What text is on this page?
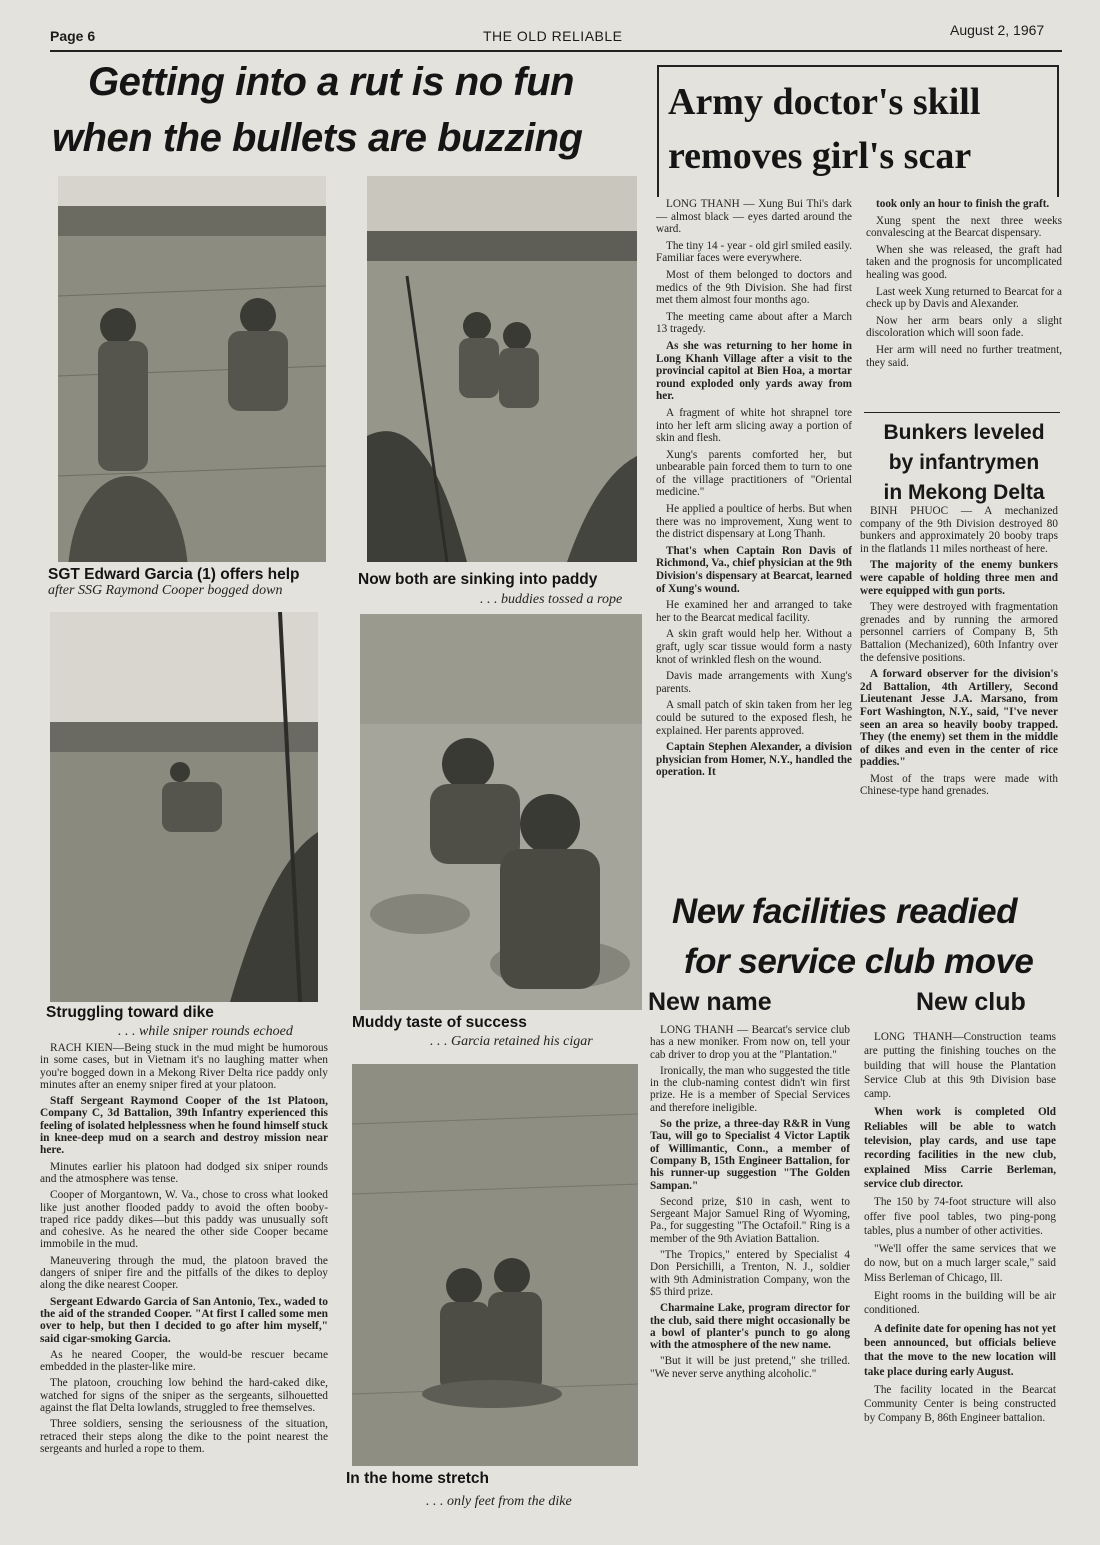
Page 6	THE OLD RELIABLE	August 2, 1967
Getting into a rut is no fun
when the bullets are buzzing
SGT Edward Garcia (1) offers help
after SSG Raymond Cooper bogged down
Now both are sinking into paddy
. . . buddies tossed a rope
Struggling toward dike
. . . while sniper rounds echoed
Muddy taste of success
. . . Garcia retained his cigar
In the home stretch
. . . only feet from the dike

RACH KIEN—Being stuck in the mud might be humorous in some cases, but in Vietnam it's no laughing matter when you're bogged down in a Mekong River Delta rice paddy only minutes after an enemy sniper fired at your platoon.

Staff Sergeant Raymond Cooper of the 1st Platoon, Company C, 3d Battalion, 39th Infantry experienced this feeling of isolated helplessness when he found himself stuck in knee-deep mud on a search and destroy mission near here.

Minutes earlier his platoon had dodged six sniper rounds and the atmosphere was tense.

Cooper of Morgantown, W. Va., chose to cross what looked like just another flooded paddy to avoid the often booby-traped rice paddy dikes—but this paddy was unusually soft and cohesive. As he neared the other side Cooper became immobile in the mud.

Maneuvering through the mud, the platoon braved the dangers of sniper fire and the pitfalls of the dikes to deploy along the dike nearest Cooper.

Sergeant Edwardo Garcia of San Antonio, Tex., waded to the aid of the stranded Cooper. "At first I called some men over to help, but then I decided to go after him myself," said cigar-smoking Garcia.

As he neared Cooper, the would-be rescuer became embedded in the plaster-like mire.

The platoon, crouching low behind the hard-caked dike, watched for signs of the sniper as the sergeants, silhouetted against the flat Delta lowlands, struggled to free themselves.

Three soldiers, sensing the seriousness of the situation, retraced their steps along the dike to the point nearest the sergeants and hurled a rope to them.

Army doctor's skill
removes girl's scar

LONG THANH — Xung Bui Thi's dark — almost black — eyes darted around the ward.

The tiny 14 - year - old girl smiled easily. Familiar faces were everywhere.

Most of them belonged to doctors and medics of the 9th Division. She had first met them almost four months ago.

The meeting came about after a March 13 tragedy.

As she was returning to her home in Long Khanh Village after a visit to the provincial capitol at Bien Hoa, a mortar round exploded only yards away from her.

A fragment of white hot shrapnel tore into her left arm slicing away a portion of skin and flesh.

Xung's parents comforted her, but unbearable pain forced them to turn to one of the village practitioners of "Oriental medicine."

He applied a poultice of herbs. But when there was no improvement, Xung went to the district dispensary at Long Thanh.

That's when Captain Ron Davis of Richmond, Va., chief physician at the 9th Division's dispensary at Bearcat, learned of Xung's wound.

He examined her and arranged to take her to the Bearcat medical facility.

A skin graft would help her. Without a graft, ugly scar tissue would form a nasty knot of wrinkled flesh on the wound.

Davis made arrangements with Xung's parents.

A small patch of skin taken from her leg could be sutured to the exposed flesh, he explained. Her parents approved.

Captain Stephen Alexander, a division physician from Homer, N.Y., handled the operation. It

took only an hour to finish the graft.

Xung spent the next three weeks convalescing at the Bearcat dispensary.

When she was released, the graft had taken and the prognosis for uncomplicated healing was good.

Last week Xung returned to Bearcat for a check up by Davis and Alexander.

Now her arm bears only a slight discoloration which will soon fade.

Her arm will need no further treatment, they said.

Bunkers leveled
by infantrymen
in Mekong Delta

BINH PHUOC — A mechanized company of the 9th Division destroyed 80 bunkers and approximately 20 booby traps in the flatlands 11 miles northeast of here.

The majority of the enemy bunkers were capable of holding three men and were equipped with gun ports.

They were destroyed with fragmentation grenades and by running the armored personnel carriers of Company B, 5th Battalion (Mechanized), 60th Infantry over the defensive positions.

A forward observer for the division's 2d Battalion, 4th Artillery, Second Lieutenant Jesse J.A. Marsano, from Fort Washington, N.Y., said, "I've never seen an area so heavily booby trapped. They (the enemy) set them in the middle of dikes and even in the center of rice paddies."

Most of the traps were made with Chinese-type hand grenades.

New facilities readied
for service club move
New name	New club

LONG THANH — Bearcat's service club has a new moniker. From now on, tell your cab driver to drop you at the "Plantation."

Ironically, the man who suggested the title in the club-naming contest didn't win first prize. He is a member of Special Services and therefore ineligible.

So the prize, a three-day R&R in Vung Tau, will go to Specialist 4 Victor Laptik of Willimantic, Conn., a member of Company B, 15th Engineer Battalion, for his runner-up suggestion "The Golden Sampan."

Second prize, $10 in cash, went to Sergeant Major Samuel Ring of Wyoming, Pa., for suggesting "The Octafoil." Ring is a member of the 9th Aviation Battalion.

"The Tropics," entered by Specialist 4 Don Persichilli, a Trenton, N. J., soldier with 9th Administration Company, won the $5 third prize.

Charmaine Lake, program director for the club, said there might occasionally be a bowl of planter's punch to go along with the atmosphere of the new name.

"But it will be just pretend," she trilled. "We never serve anything alcoholic."

LONG THANH—Construction teams are putting the finishing touches on the building that will house the Plantation Service Club at this 9th Division base camp.

When work is completed Old Reliables will be able to watch television, play cards, and use tape recording facilities in the new club, explained Miss Carrie Berleman, service club director.

The 150 by 74-foot structure will also offer five pool tables, two ping-pong tables, plus a number of other activities.

"We'll offer the same services that we do now, but on a much larger scale," said Miss Berleman of Chicago, Ill.

Eight rooms in the building will be air conditioned.

A definite date for opening has not yet been announced, but officials believe that the move to the new location will take place during early August.

The facility located in the Bearcat Community Center is being constructed by Company B, 86th Engineer battalion.
